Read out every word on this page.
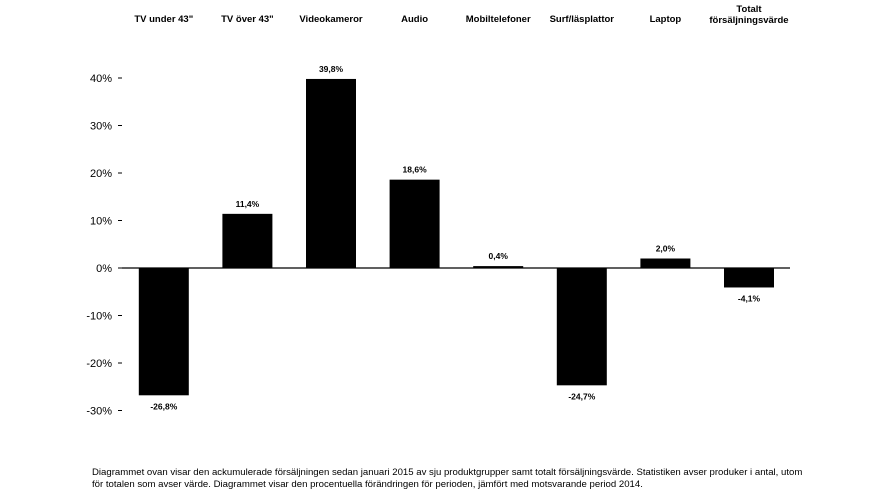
40%
30%
20%
10%
0%
-10%
-20%
-30%	-26,8%
TV under 43"
11,4%
TV över 43"
39,8%
Videokameror
18,6%
Audio
0,4%
Mobiltelefoner
-24,7%
Surf/läsplattor
2,0%
Laptop
-4,1%
Totalt
försäljningsvärde

Diagrammet ovan visar den ackumulerade försäljningen sedan januari 2015 av sju produktgrupper samt totalt försäljningsvärde. Statistiken avser produker i antal, utom
för totalen som avser värde. Diagrammet visar den procentuella förändringen för perioden, jämfört med motsvarande period 2014.
